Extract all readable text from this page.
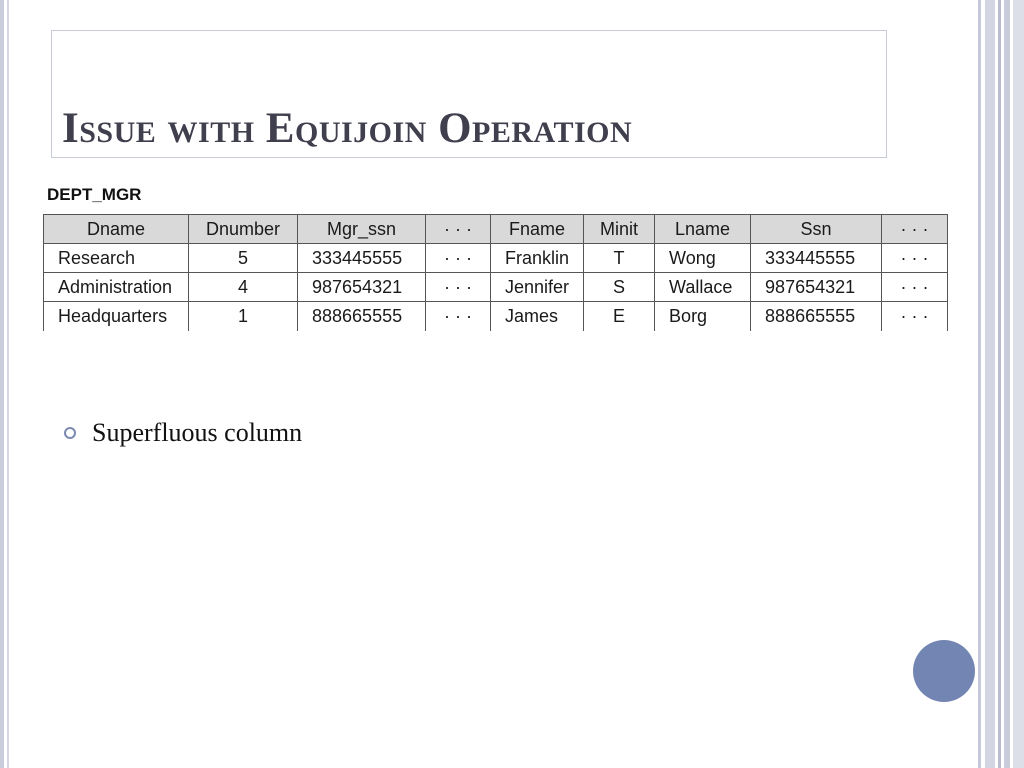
Issue with Equijoin Operation
DEPT_MGR
Dname	Dnumber	Mgr_ssn	· · ·	Fname	Minit	Lname	Ssn	· · ·
Research	5	333445555	· · ·	Franklin	T	Wong	333445555	· · ·
Administration	4	987654321	· · ·	Jennifer	S	Wallace	987654321	· · ·
Headquarters	1	888665555	· · ·	James	E	Borg	888665555	· · ·
Superfluous column
